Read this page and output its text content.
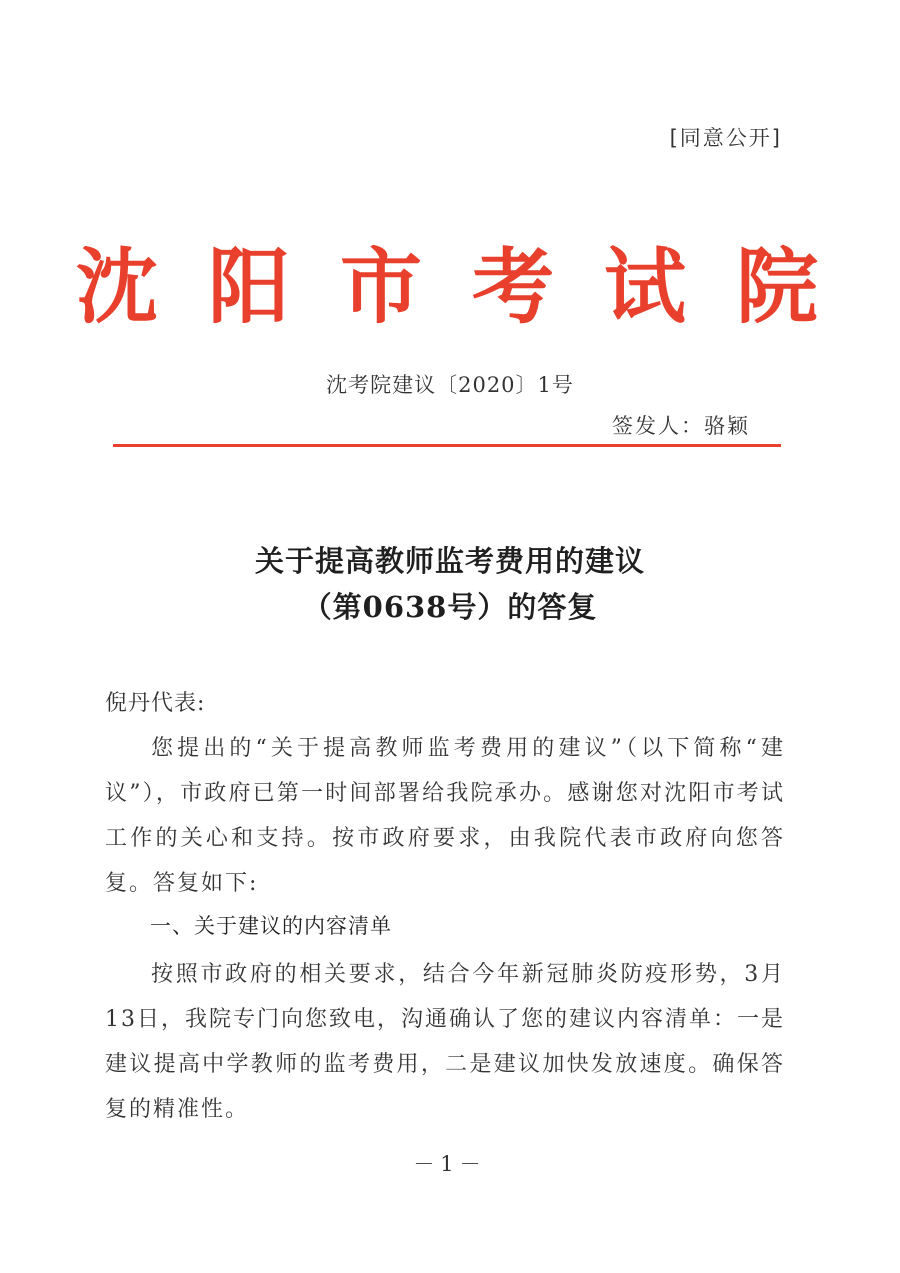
[同意公开]
沈阳市考试院
沈考院建议〔2020〕1号
签发人：骆颖
关于提高教师监考费用的建议
（第0638号）的答复
倪丹代表:

您提出的“关于提高教师监考费用的建议”（以下简称“建议”），市政府已第一时间部署给我院承办。感谢您对沈阳市考试工作的关心和支持。按市政府要求，由我院代表市政府向您答复。答复如下:

一、关于建议的内容清单

按照市政府的相关要求，结合今年新冠肺炎防疫形势，3月13日，我院专门向您致电，沟通确认了您的建议内容清单：一是建议提高中学教师的监考费用，二是建议加快发放速度。确保答复的精准性。

－1－
